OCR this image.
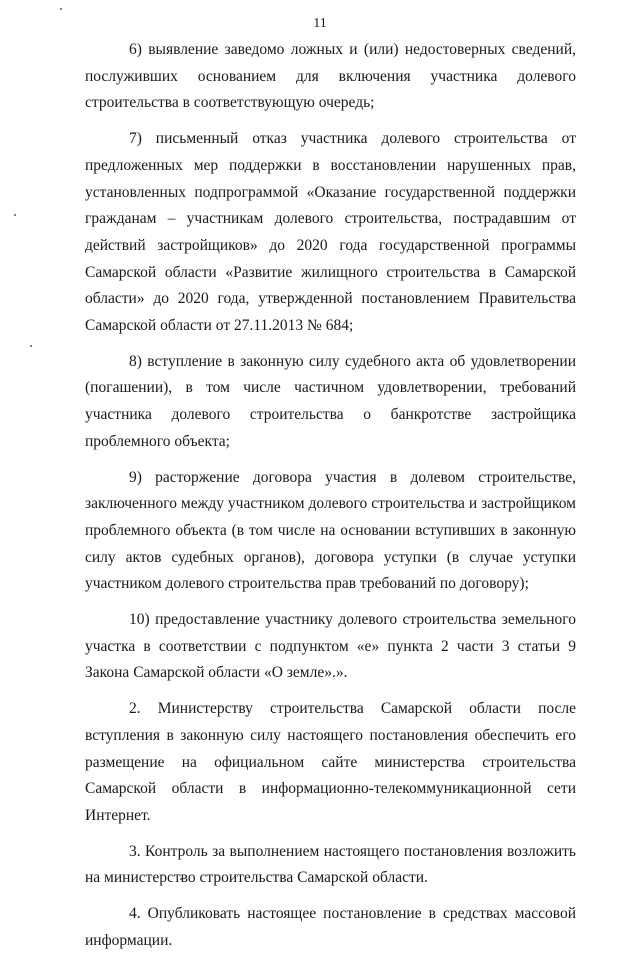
11

6) выявление заведомо ложных и (или) недостоверных сведений, послуживших основанием для включения участника долевого строительства в соответствующую очередь;

7) письменный отказ участника долевого строительства от предложенных мер поддержки в восстановлении нарушенных прав, установленных подпрограммой «Оказание государственной поддержки гражданам – участникам долевого строительства, пострадавшим от действий застройщиков» до 2020 года государственной программы Самарской области «Развитие жилищного строительства в Самарской области» до 2020 года, утвержденной постановлением Правительства Самарской области от 27.11.2013 № 684;

8) вступление в законную силу судебного акта об удовлетворении (погашении), в том числе частичном удовлетворении, требований участника долевого строительства о банкротстве застройщика проблемного объекта;

9) расторжение договора участия в долевом строительстве, заключенного между участником долевого строительства и застройщиком проблемного объекта (в том числе на основании вступивших в законную силу актов судебных органов), договора уступки (в случае уступки участником долевого строительства прав требований по договору);

10) предоставление участнику долевого строительства земельного участка в соответствии с подпунктом «е» пункта 2 части 3 статьи 9 Закона Самарской области «О земле».».

2. Министерству строительства Самарской области после вступления в законную силу настоящего постановления обеспечить его размещение на официальном сайте министерства строительства Самарской области в информационно-телекоммуникационной сети Интернет.

3. Контроль за выполнением настоящего постановления возложить на министерство строительства Самарской области.

4. Опубликовать настоящее постановление в средствах массовой информации.
